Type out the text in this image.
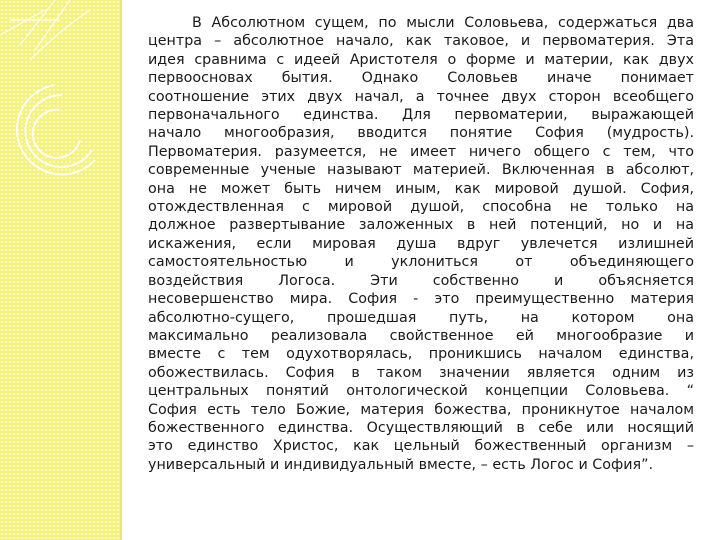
В Абсолютном сущем, по мысли Соловьева, содержаться два
центра – абсолютное начало, как таковое, и первоматерия. Эта
идея сравнима с идеей Аристотеля о форме и материи, как двух
первоосновах бытия. Однако Соловьев иначе понимает
соотношение этих двух начал, а точнее двух сторон всеобщего
первоначального единства. Для первоматерии, выражающей
начало многообразия, вводится понятие София (мудрость).
Первоматерия. разумеется, не имеет ничего общего с тем, что
современные ученые называют материей. Включенная в абсолют,
она не может быть ничем иным, как мировой душой. София,
отождествленная с мировой душой, способна не только на
должное развертывание заложенных в ней потенций, но и на
искажения, если мировая душа вдруг увлечется излишней
самостоятельностью и уклониться от объединяющего
воздействия Логоса. Эти собственно и объясняется
несовершенство мира. София - это преимущественно материя
абсолютно-сущего, прошедшая путь, на котором она
максимально реализовала свойственное ей многообразие и
вместе с тем одухотворялась, проникшись началом единства,
обожествилась. София в таком значении является одним из
центральных понятий онтологической концепции Соловьева. “
София есть тело Божие, материя божества, проникнутое началом
божественного единства. Осуществляющий в себе или носящий
это единство Христос, как цельный божественный организм –
универсальный и индивидуальный вместе, – есть Логос и София”.
